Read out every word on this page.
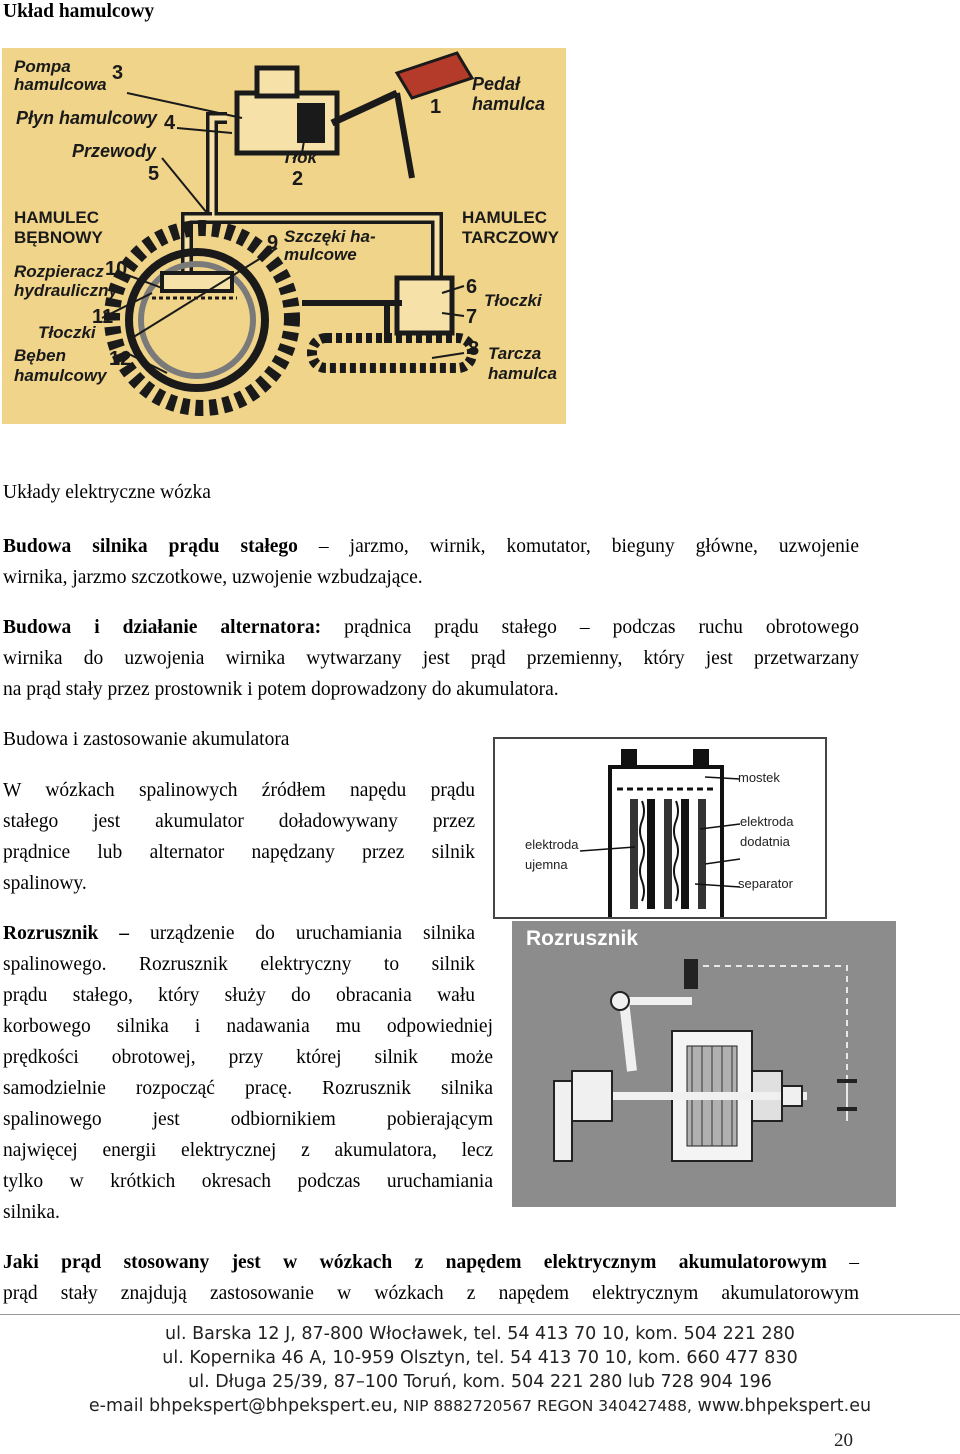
Układ hamulcowy
Pompa
hamulcowa
3
Płyn hamulcowy 4
Przewody
5
Tłok
2
Pedał
hamulca
1
HAMULEC
BĘBNOWY
HAMULEC
TARCZOWY
Szczęki ha-
mulcowe
9
Rozpieracz
hydrauliczny
10
Tłoczki
11
Bęben
hamulcowy
12
6
7
Tłoczki
8 Tarcza
hamulca
Układy elektryczne wózka
Budowa silnika prądu stałego – jarzmo, wirnik, komutator, bieguny główne, uzwojenie
wirnika, jarzmo szczotkowe, uzwojenie wzbudzające.
Budowa i działanie alternatora: prądnica prądu stałego – podczas ruchu obrotowego
wirnika do uzwojenia wirnika wytwarzany jest prąd przemienny, który jest przetwarzany
na prąd stały przez prostownik i potem doprowadzony do akumulatora.
Budowa i zastosowanie akumulatora
W wózkach spalinowych źródłem napędu prądu
stałego jest akumulator doładowywany przez
prądnice lub alternator napędzany przez silnik
spalinowy.
mostek
elektroda
dodatnia
elektroda
ujemna
separator
Rozrusznik – urządzenie do uruchamiania silnika
spalinowego. Rozrusznik elektryczny to silnik
prądu stałego, który służy do obracania wału
korbowego silnika i nadawania mu odpowiedniej
prędkości obrotowej, przy której silnik może
samodzielnie rozpocząć pracę. Rozrusznik silnika
spalinowego jest odbiornikiem pobierającym
najwięcej energii elektrycznej z akumulatora, lecz
tylko w krótkich okresach podczas uruchamiania
silnika.
Rozrusznik
Jaki prąd stosowany jest w wózkach z napędem elektrycznym akumulatorowym –
prąd stały znajdują zastosowanie w wózkach z napędem elektrycznym akumulatorowym
ul. Barska 12 J, 87-800 Włocławek, tel. 54 413 70 10, kom. 504 221 280
ul. Kopernika 46 A, 10-959 Olsztyn, tel. 54 413 70 10, kom. 660 477 830
ul. Długa 25/39, 87–100 Toruń, kom. 504 221 280 lub 728 904 196
e-mail bhpekspert@bhpekspert.eu, NIP 8882720567 REGON 340427488, www.bhpekspert.eu
20
